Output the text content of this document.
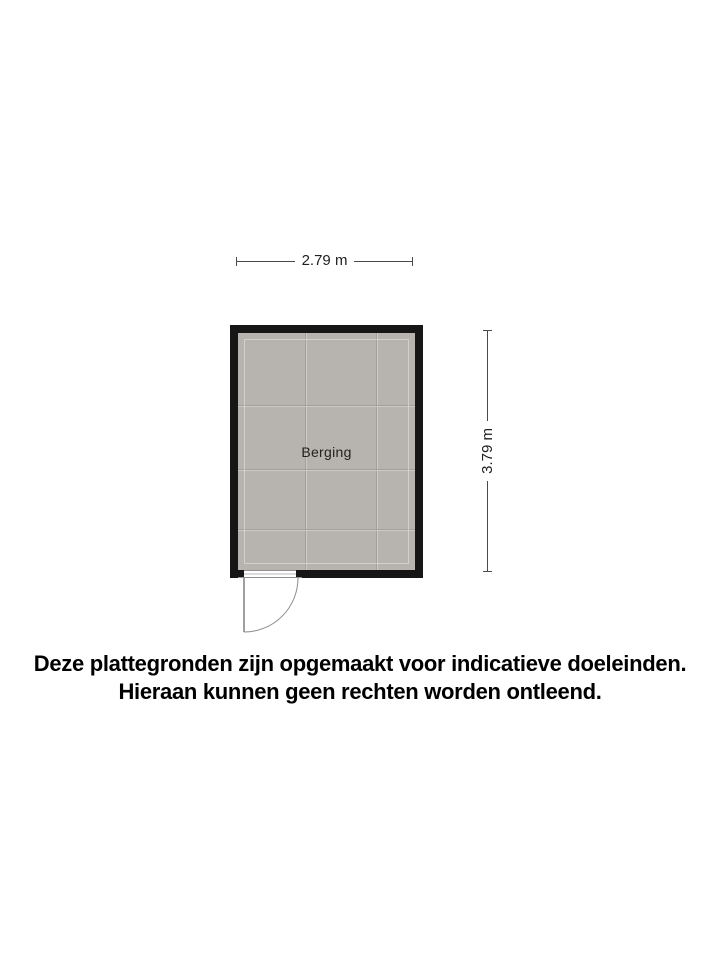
2.79 m
3.79 m
Berging
Deze plattegronden zijn opgemaakt voor indicatieve doeleinden.
Hieraan kunnen geen rechten worden ontleend.
